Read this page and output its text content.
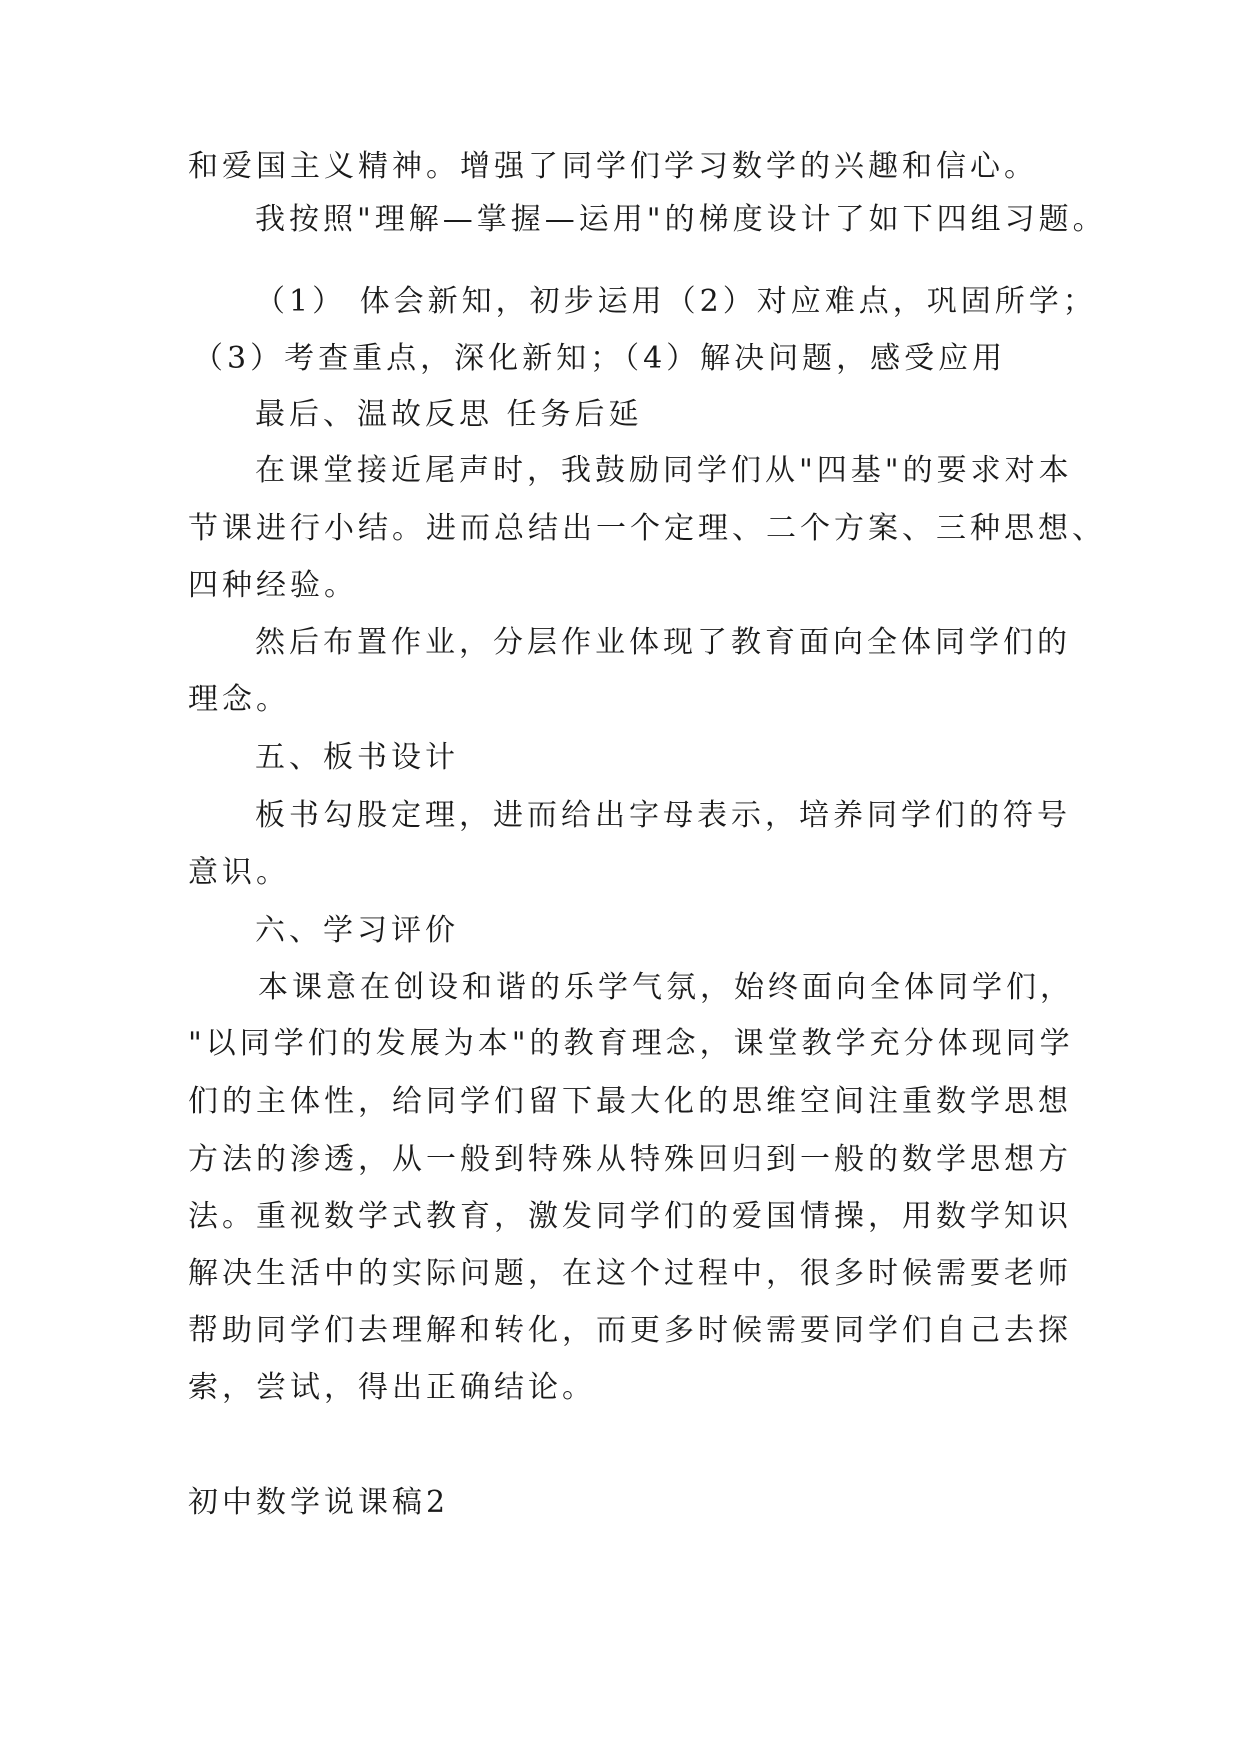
和爱国主义精神。增强了同学们学习数学的兴趣和信心。
我按照"理解—掌握—运用"的梯度设计了如下四组习题。
（1） 体会新知，初步运用（2）对应难点，巩固所学；
（3）考查重点，深化新知；（4）解决问题，感受应用
最后、温故反思 任务后延
在课堂接近尾声时，我鼓励同学们从"四基"的要求对本
节课进行小结。进而总结出一个定理、二个方案、三种思想、
四种经验。
然后布置作业，分层作业体现了教育面向全体同学们的
理念。
五、板书设计
板书勾股定理，进而给出字母表示，培养同学们的符号
意识。
六、学习评价
本课意在创设和谐的乐学气氛，始终面向全体同学们，
"以同学们的发展为本"的教育理念，课堂教学充分体现同学
们的主体性，给同学们留下最大化的思维空间注重数学思想
方法的渗透，从一般到特殊从特殊回归到一般的数学思想方
法。重视数学式教育，激发同学们的爱国情操，用数学知识
解决生活中的实际问题，在这个过程中，很多时候需要老师
帮助同学们去理解和转化，而更多时候需要同学们自己去探
索，尝试，得出正确结论。
初中数学说课稿2
